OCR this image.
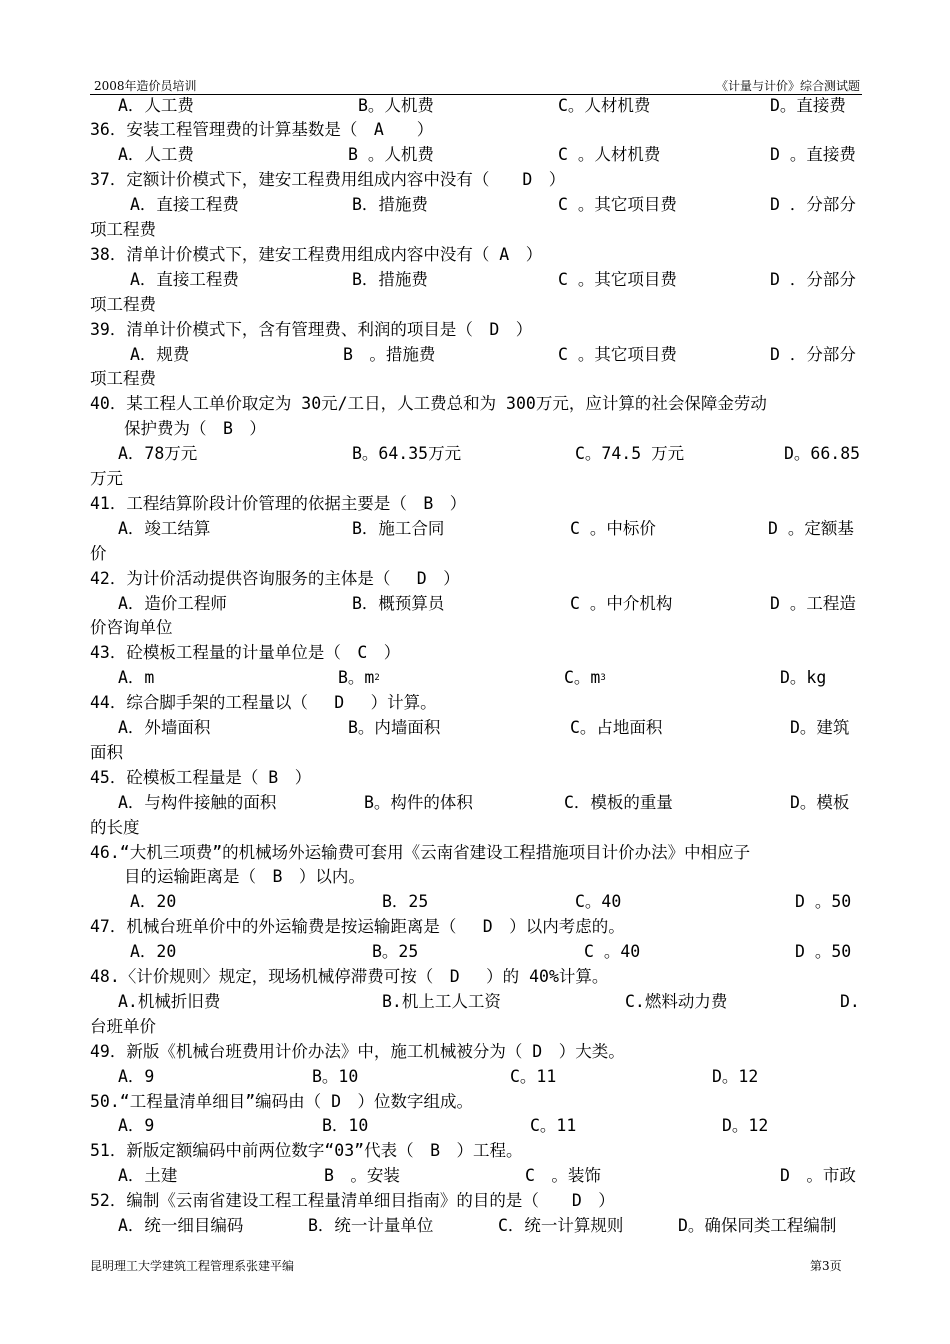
2008年造价员培训	《计量与计价》综合测试题
A．人工费	B。人机费	C。人材机费	D。直接费
36．安装工程管理费的计算基数是（　A　　）
A．人工费	B 。人机费	C 。人材机费	D 。直接费
37．定额计价模式下，建安工程费用组成内容中没有（　　D　）
A．直接工程费	B．措施费	C 。其它项目费	D ．分部分
项工程费
38．清单计价模式下，建安工程费用组成内容中没有（ A　）
A．直接工程费	B．措施费	C 。其它项目费	D ．分部分
项工程费
39．清单计价模式下，含有管理费、利润的项目是（　D　）
A．规费	B　。措施费	C 。其它项目费	D ．分部分
项工程费
40．某工程人工单价取定为 30元/工日，人工费总和为 300万元，应计算的社会保障金劳动
保护费为（　B　）
A．78万元	B。64.35万元	C。74.5 万元	D。66.85
万元
41．工程结算阶段计价管理的依据主要是（　B　）
A．竣工结算	B．施工合同	C 。中标价	D 。定额基
价
42．为计价活动提供咨询服务的主体是（　 D　）
A．造价工程师	B．概预算员	C 。中介机构	D 。工程造
价咨询单位
43．砼模板工程量的计量单位是（　C　）
A．m	B。$m^2$	C。$m^3$	D。kg
44．综合脚手架的工程量以（　 D　 ）计算。
A．外墙面积	B。内墙面积	C。占地面积	D。建筑
面积
45．砼模板工程量是（ B　）
A．与构件接触的面积	B。构件的体积	C．模板的重量	D。模板
的长度
46.“大机三项费”的机械场外运输费可套用《云南省建设工程措施项目计价办法》中相应子
目的运输距离是（　B　）以内。
A．20	B．25	C。40	D 。50
47．机械台班单价中的外运输费是按运输距离是（　 D　）以内考虑的。
A．20	B。25	C 。40	D 。50
48.〈计价规则〉规定，现场机械停滞费可按（　D　 ）的 40%计算。
A.机械折旧费	B.机上工人工资	C.燃料动力费	D.
台班单价
49．新版《机械台班费用计价办法》中，施工机械被分为（ D　）大类。
A．9	B。10	C。11	D。12
50.“工程量清单细目”编码由（ D　）位数字组成。
A．9	B．10	C。11	D。12
51．新版定额编码中前两位数字“03”代表（　B　）工程。
A．土建	B　。安装	C　。装饰	D　。市政
52．编制《云南省建设工程工程量清单细目指南》的目的是（　　D　）
A．统一细目编码	B．统一计量单位	C．统一计算规则	D。确保同类工程编制
昆明理工大学建筑工程管理系张建平编	第3页
